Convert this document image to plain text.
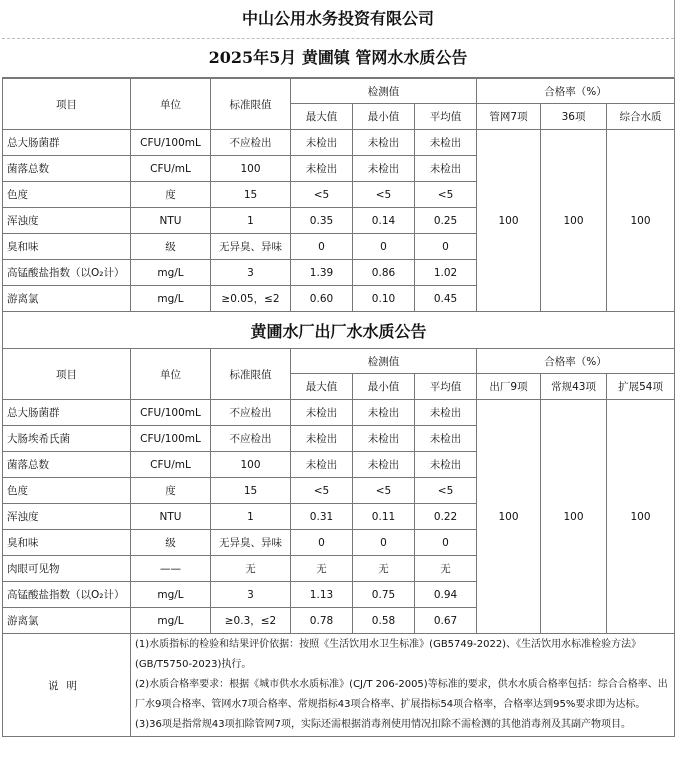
中山公用水务投资有限公司
2025年5月 黄圃镇 管网水水质公告
项目	单位	标准限值	检测值			合格率（%）		
			最大值	最小值	平均值	管网7项	36项	综合水质
总大肠菌群	CFU/100mL	不应检出	未检出	未检出	未检出	100	100	100
菌落总数	CFU/mL	100	未检出	未检出	未检出			
色度	度	15	<5	<5	<5			
浑浊度	NTU	1	0.35	0.14	0.25			
臭和味	级	无异臭、异味	0	0	0			
高锰酸盐指数（以O₂计）	mg/L	3	1.39	0.86	1.02			
游离氯	mg/L	≥0.05，≤2	0.60	0.10	0.45			
黄圃水厂出厂水水质公告								
项目	单位	标准限值	检测值			合格率（%）		
			最大值	最小值	平均值	出厂9项	常规43项	扩展54项
总大肠菌群	CFU/100mL	不应检出	未检出	未检出	未检出	100	100	100
大肠埃希氏菌	CFU/100mL	不应检出	未检出	未检出	未检出			
菌落总数	CFU/mL	100	未检出	未检出	未检出			
色度	度	15	<5	<5	<5			
浑浊度	NTU	1	0.31	0.11	0.22			
臭和味	级	无异臭、异味	0	0	0			
肉眼可见物	——	无	无	无	无			
高锰酸盐指数（以O₂计）	mg/L	3	1.13	0.75	0.94			
游离氯	mg/L	≥0.3，≤2	0.78	0.58	0.67			
说明	(1)水质指标的检验和结果评价依据：按照《生活饮用水卫生标准》(GB5749-2022)、《生活饮用水标准检验方法》(GB/T5750-2023)执行。
(2)水质合格率要求：根据《城市供水水质标准》(CJ/T 206-2005)等标准的要求，供水水质合格率包括：综合合格率、出厂水9项合格率、管网水7项合格率、常规指标43项合格率、扩展指标54项合格率，合格率达到95%要求即为达标。
(3)36项是指常规43项扣除管网7项，实际还需根据消毒剂使用情况扣除不需检测的其他消毒剂及其副产物项目。							
